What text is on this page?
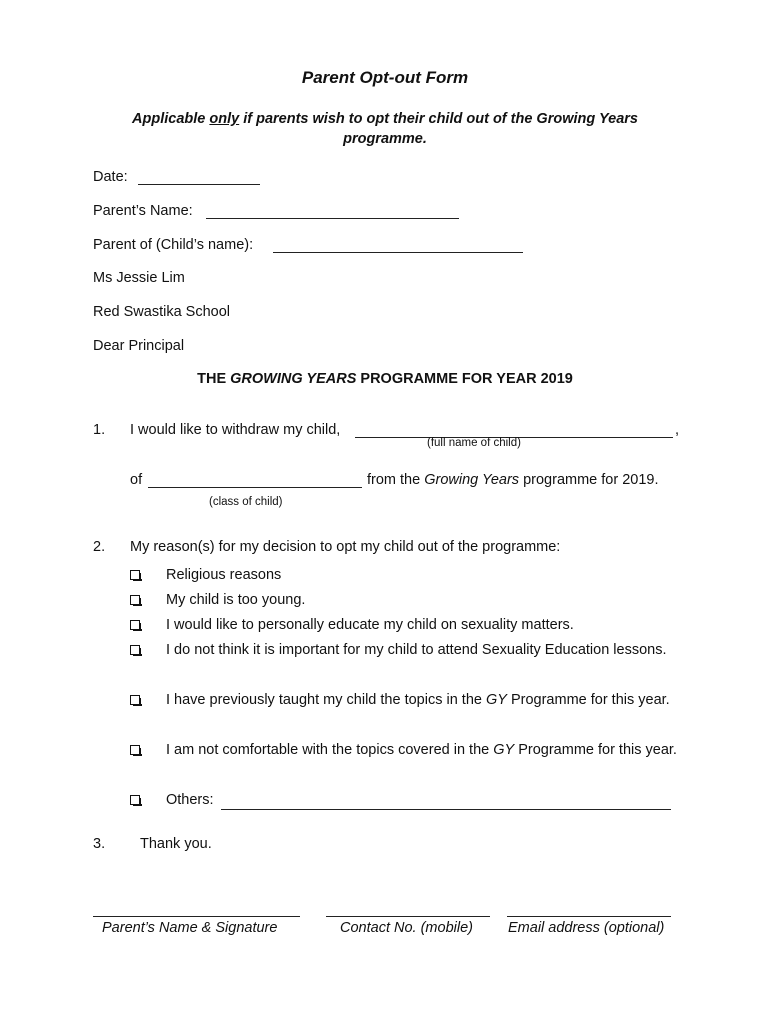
Parent Opt-out Form
Applicable only if parents wish to opt their child out of the Growing Years
programme.
Date:
Parent’s Name:
Parent of (Child’s name):
Ms Jessie Lim
Red Swastika School
Dear Principal
THE GROWING YEARS PROGRAMME FOR YEAR 2019
1. I would like to withdraw my child,	,
(full name of child)
of	from the Growing Years programme for 2019.
(class of child)
2. My reason(s) for my decision to opt my child out of the programme:
Religious reasons
My child is too young.
I would like to personally educate my child on sexuality matters.
I do not think it is important for my child to attend Sexuality Education lessons.
I have previously taught my child the topics in the GY Programme for this year.
I am not comfortable with the topics covered in the GY Programme for this year.
Others:
3. Thank you.
Parent’s Name & Signature	Contact No. (mobile) Email address (optional)
